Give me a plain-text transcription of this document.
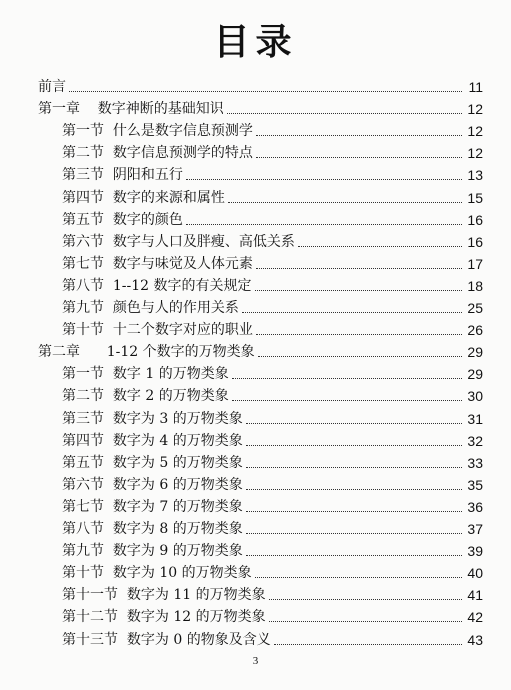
目录
前言	11
第一章    数字神断的基础知识	12
第一节  什么是数字信息预测学	12
第二节  数字信息预测学的特点	12
第三节  阴阳和五行	13
第四节  数字的来源和属性	15
第五节  数字的颜色	16
第六节  数字与人口及胖瘦、高低关系	16
第七节  数字与味觉及人体元素	17
第八节  1--12 数字的有关规定	18
第九节  颜色与人的作用关系	25
第十节  十二个数字对应的职业	26
第二章      1-12 个数字的万物类象	29
第一节  数字 1 的万物类象	29
第二节  数字 2 的万物类象	30
第三节  数字为 3 的万物类象	31
第四节  数字为 4 的万物类象	32
第五节  数字为 5 的万物类象	33
第六节  数字为 6 的万物类象	35
第七节  数字为 7 的万物类象	36
第八节  数字为 8 的万物类象	37
第九节  数字为 9 的万物类象	39
第十节  数字为 10 的万物类象	40
第十一节  数字为 11 的万物类象	41
第十二节  数字为 12 的万物类象	42
第十三节  数字为 0 的物象及含义	43
3
